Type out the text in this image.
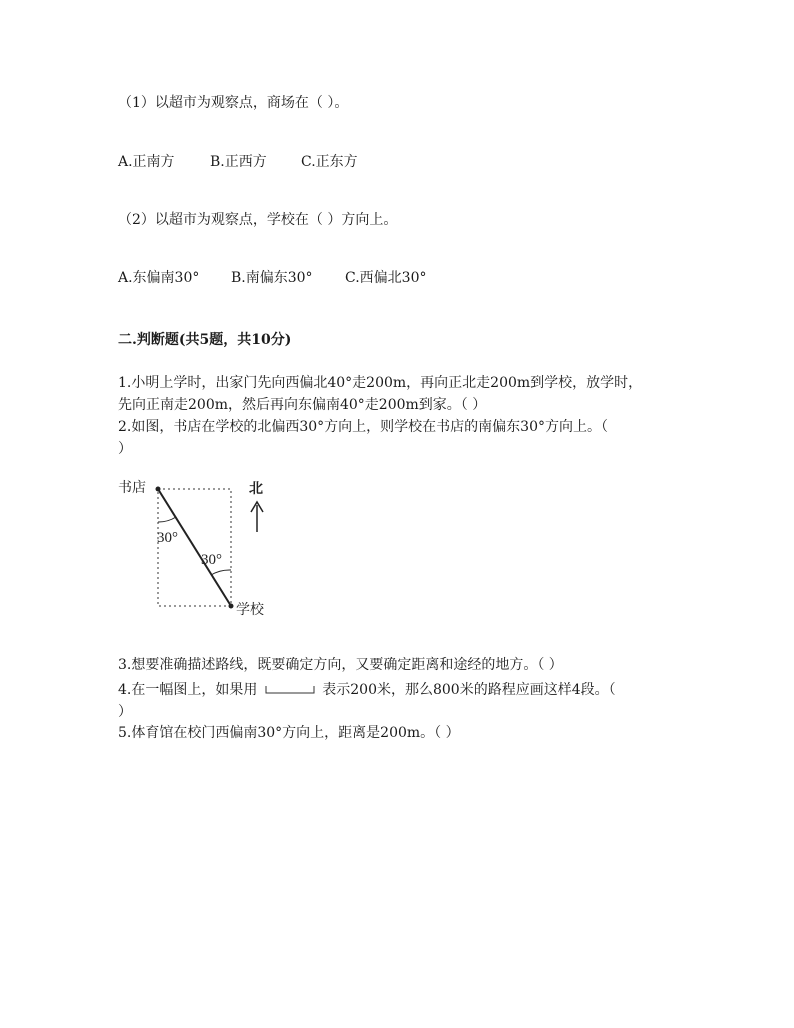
（1）以超市为观察点，商场在（ ）。
A.正南方	B.正西方 C.正东方
（2）以超市为观察点，学校在（ ）方向上。
A.东偏南30° B.南偏东30° C.西偏北30°
二.判断题(共5题，共10分)
1.小明上学时，出家门先向西偏北40°走200m，再向正北走200m到学校，放学时，
先向正南走200m，然后再向东偏南40°走200m到家。（ ）
2.如图，书店在学校的北偏西30°方向上，则学校在书店的南偏东30°方向上。（
）
书店
学校
北
30°
30°
3.想要准确描述路线，既要确定方向，又要确定距离和途经的地方。（ ）
4.在一幅图上，如果用	表示200米，那么800米的路程应画这样4段。（
）
5.体育馆在校门西偏南30°方向上，距离是200m。（ ）
